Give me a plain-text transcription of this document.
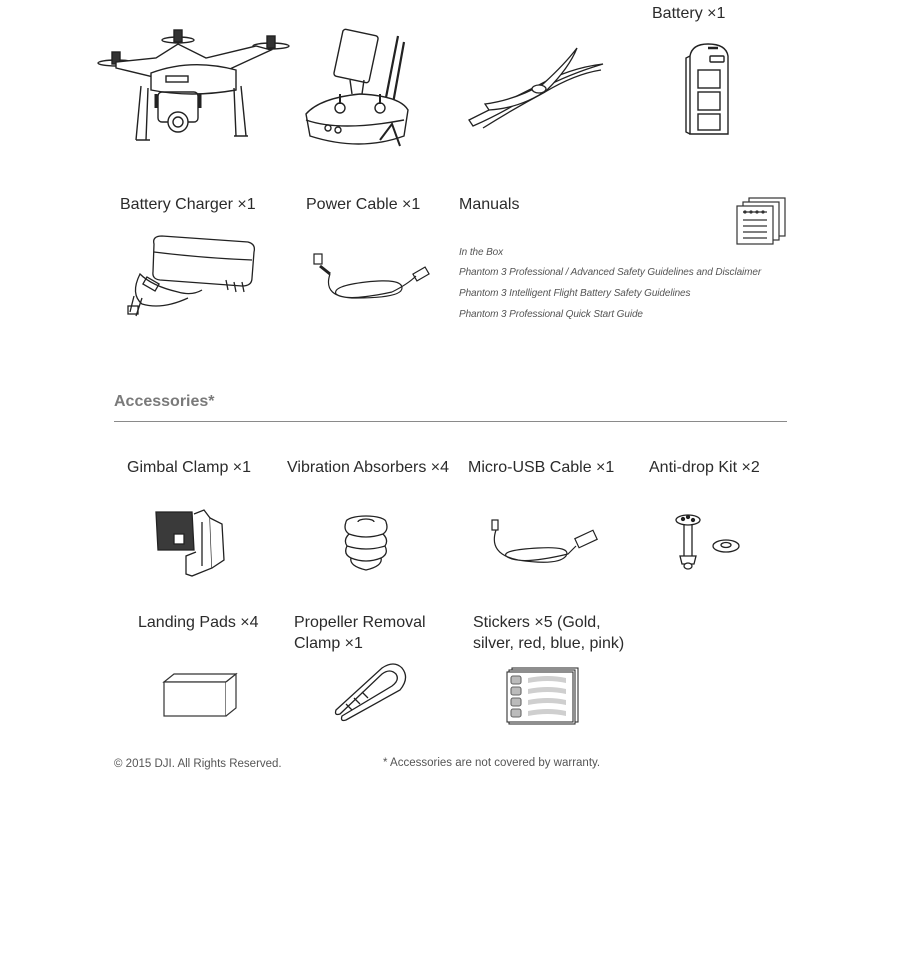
Battery ×1
Battery Charger ×1	Power Cable ×1 Manuals
In the Box
Phantom 3 Professional / Advanced Safety Guidelines and Disclaimer
Phantom 3 Intelligent Flight Battery Safety Guidelines
Phantom 3 Professional Quick Start Guide
Accessories*
Gimbal Clamp ×1 Vibration Absorbers ×4 Micro-USB Cable ×1 Anti-drop Kit ×2
Landing Pads ×4 Propeller Removal Clamp ×1
Stickers ×5 (Gold, silver, red, blue, pink)
© 2015 DJI. All Rights Reserved.	* Accessories are not covered by warranty.
